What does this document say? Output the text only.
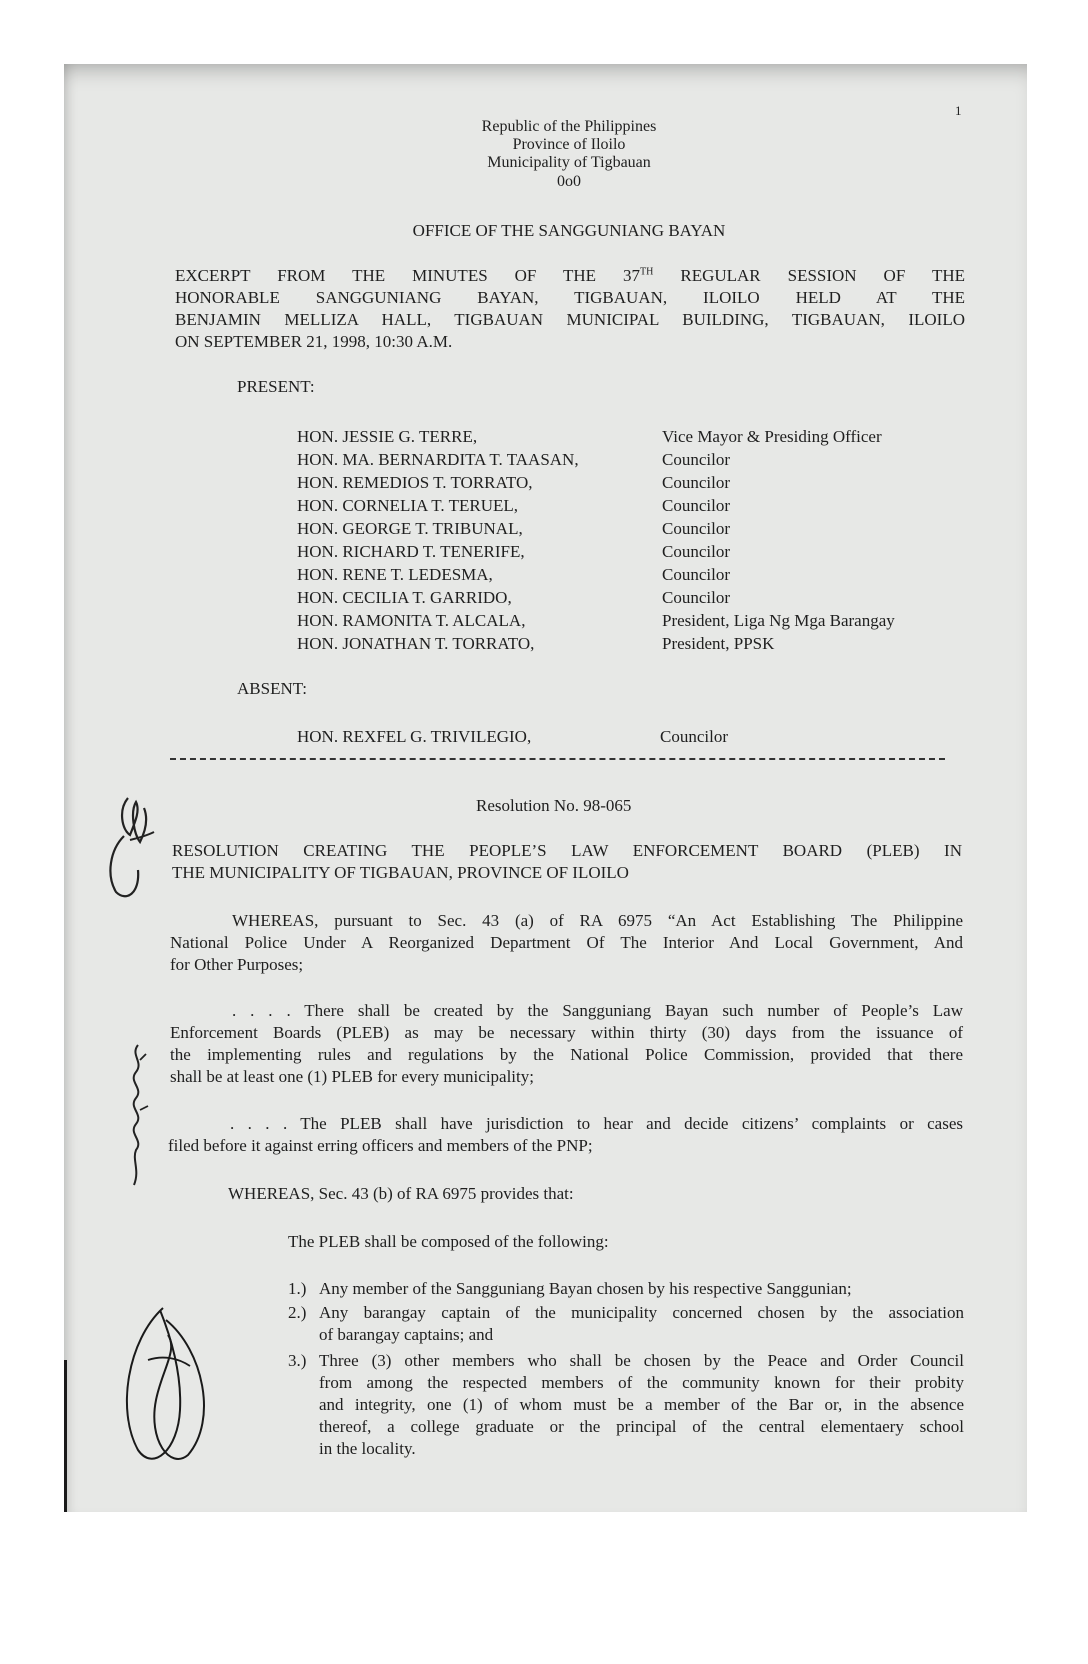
1
Republic of the Philippines
Province of Iloilo
Municipality of Tigbauan
0o0
OFFICE OF THE SANGGUNIANG BAYAN
EXCERPT FROM THE MINUTES OF THE 37TH REGULAR SESSION OF THE
HONORABLE SANGGUNIANG BAYAN, TIGBAUAN, ILOILO HELD AT THE
BENJAMIN MELLIZA HALL, TIGBAUAN MUNICIPAL BUILDING, TIGBAUAN, ILOILO
ON SEPTEMBER 21, 1998, 10:30 A.M.
PRESENT:
HON. JESSIE G. TERRE,	Vice Mayor & Presiding Officer
HON. MA. BERNARDITA T. TAASAN,	Councilor
HON. REMEDIOS T. TORRATO,	Councilor
HON. CORNELIA T. TERUEL,	Councilor
HON. GEORGE T. TRIBUNAL,	Councilor
HON. RICHARD T. TENERIFE,	Councilor
HON. RENE T. LEDESMA,	Councilor
HON. CECILIA T. GARRIDO,	Councilor
HON. RAMONITA T. ALCALA,	President, Liga Ng Mga Barangay
HON. JONATHAN T. TORRATO,	President, PPSK
ABSENT:
HON. REXFEL G. TRIVILEGIO,	Councilor
Resolution No. 98-065
RESOLUTION CREATING THE PEOPLE’S LAW ENFORCEMENT BOARD (PLEB) IN
THE MUNICIPALITY OF TIGBAUAN, PROVINCE OF ILOILO
WHEREAS, pursuant to Sec. 43 (a) of RA 6975 “An Act Establishing The Philippine
National Police Under A Reorganized Department Of The Interior And Local Government, And
for Other Purposes;
. . . . There shall be created by the Sangguniang Bayan such number of People’s Law
Enforcement Boards (PLEB) as may be necessary within thirty (30) days from the issuance of
the implementing rules and regulations by the National Police Commission, provided that there
shall be at least one (1) PLEB for every municipality;
. . . . The PLEB shall have jurisdiction to hear and decide citizens’ complaints or cases
filed before it against erring officers and members of the PNP;
WHEREAS, Sec. 43 (b) of RA 6975 provides that:
The PLEB shall be composed of the following:
1.) Any member of the Sangguniang Bayan chosen by his respective Sanggunian;
2.) Any barangay captain of the municipality concerned chosen by the association
of barangay captains; and
3.) Three (3) other members who shall be chosen by the Peace and Order Council
from among the respected members of the community known for their probity
and integrity, one (1) of whom must be a member of the Bar or, in the absence
thereof, a college graduate or the principal of the central elementaery school
in the locality.
